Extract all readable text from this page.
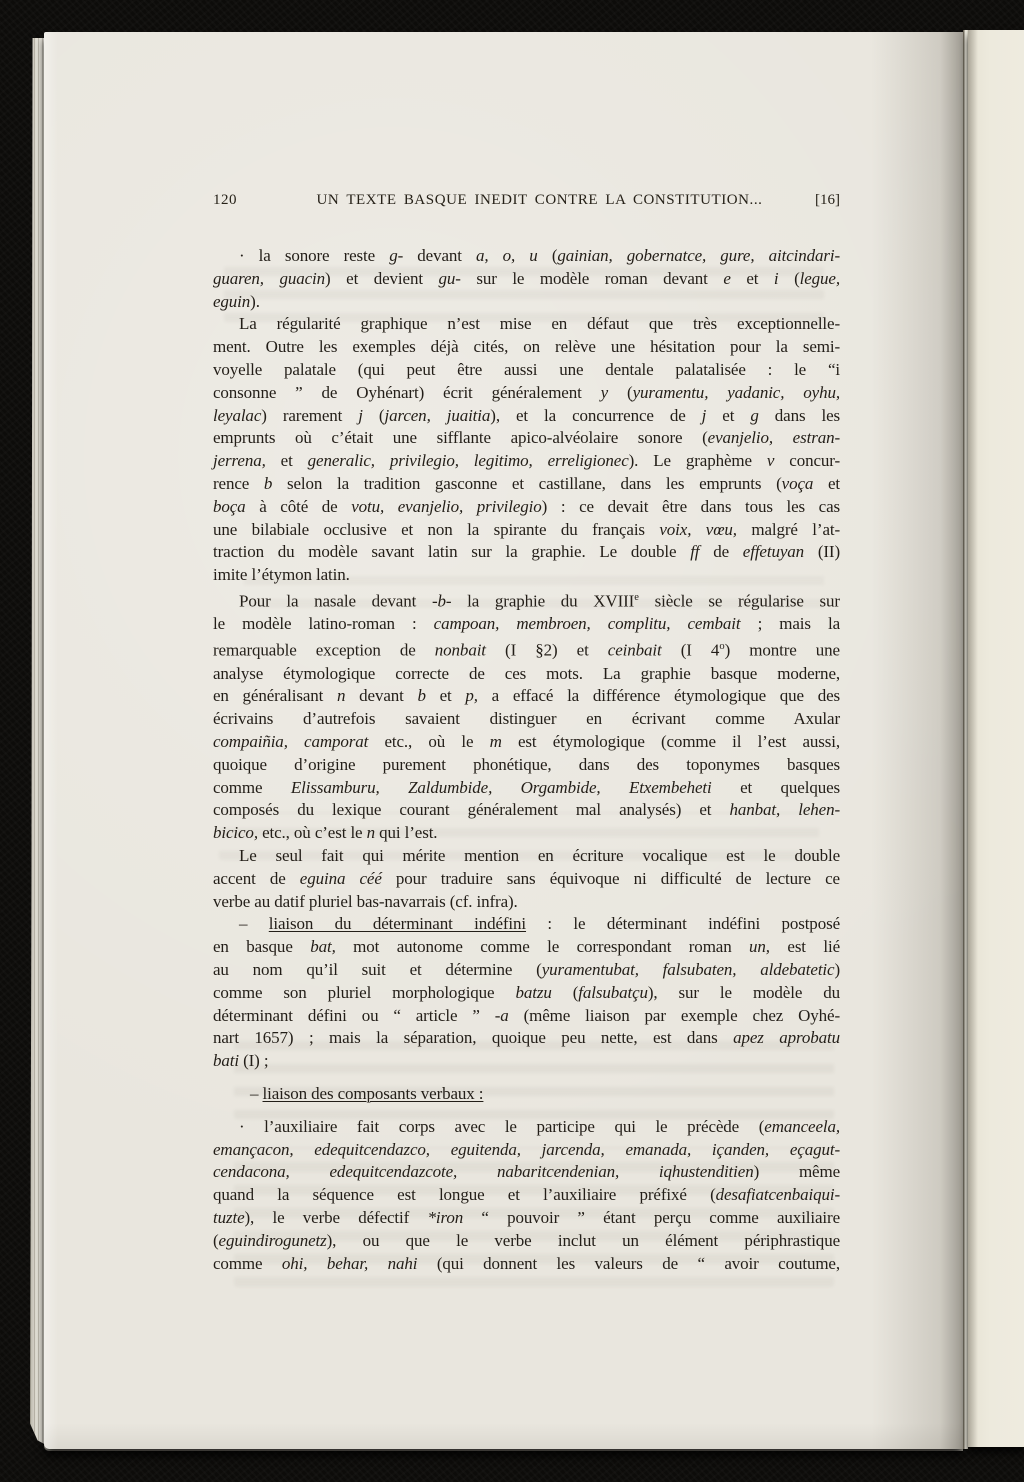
120	UN TEXTE BASQUE INEDIT CONTRE LA CONSTITUTION...	[16]
· la sonore reste g- devant a, o, u (gainian, gobernatce, gure, aitcindari-
guaren, guacin) et devient gu- sur le modèle roman devant e et i (legue,
eguin).
La régularité graphique n’est mise en défaut que très exceptionnelle-
ment. Outre les exemples déjà cités, on relève une hésitation pour la semi-
voyelle palatale (qui peut être aussi une dentale palatalisée : le “i
consonne ” de Oyhénart) écrit généralement y (yuramentu, yadanic, oyhu,
leyalac) rarement j (jarcen, juaitia), et la concurrence de j et g dans les
emprunts où c’était une sifflante apico-alvéolaire sonore (evanjelio, estran-
jerrena, et generalic, privilegio, legitimo, erreligionec). Le graphème v concur-
rence b selon la tradition gasconne et castillane, dans les emprunts (voça et
boça à côté de votu, evanjelio, privilegio) : ce devait être dans tous les cas
une bilabiale occlusive et non la spirante du français voix, vœu, malgré l’at-
traction du modèle savant latin sur la graphie. Le double ff de effetuyan (II)
imite l’étymon latin.
Pour la nasale devant -b- la graphie du XVIIIe siècle se régularise sur
le modèle latino-roman : campoan, membroen, complitu, cembait ; mais la
remarquable exception de nonbait (I §2) et ceinbait (I 4$^o$) montre une
analyse étymologique correcte de ces mots. La graphie basque moderne,
en généralisant n devant b et p, a effacé la différence étymologique que des
écrivains d’autrefois savaient distinguer en écrivant comme Axular
compaiñia, camporat etc., où le m est étymologique (comme il l’est aussi,
quoique d’origine purement phonétique, dans des toponymes basques
comme Elissamburu, Zaldumbide, Orgambide, Etxembeheti et quelques
composés du lexique courant généralement mal analysés) et hanbat, lehen-
bicico, etc., où c’est le n qui l’est.
Le seul fait qui mérite mention en écriture vocalique est le double
accent de eguina céé pour traduire sans équivoque ni difficulté de lecture ce
verbe au datif pluriel bas-navarrais (cf. infra).
– liaison du déterminant indéfini : le déterminant indéfini postposé
en basque bat, mot autonome comme le correspondant roman un, est lié
au nom qu’il suit et détermine (yuramentubat, falsubaten, aldebatetic)
comme son pluriel morphologique batzu (falsubatçu), sur le modèle du
déterminant défini ou “ article ” -a (même liaison par exemple chez Oyhé-
nart 1657) ; mais la séparation, quoique peu nette, est dans apez aprobatu
bati (I) ;
– liaison des composants verbaux :
· l’auxiliaire fait corps avec le participe qui le précède (emanceela,
emançacon, edequitcendazco, eguitenda, jarcenda, emanada, içanden, eçagut-
cendacona, edequitcendazcote, nabaritcendenian, iqhustenditien) même
quand la séquence est longue et l’auxiliaire préfixé (desafiatcenbaiqui-
tuzte), le verbe défectif *iron “ pouvoir ” étant perçu comme auxiliaire
(eguindirogunetz), ou que le verbe inclut un élément périphrastique
comme ohi, behar, nahi (qui donnent les valeurs de “ avoir coutume,
